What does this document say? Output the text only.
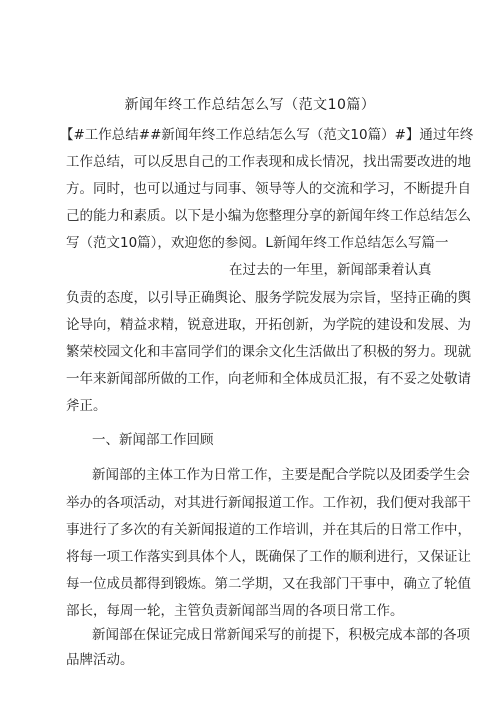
新闻年终工作总结怎么写（范文10篇）
【#工作总结##新闻年终工作总结怎么写（范文10篇）#】通过年终
工作总结，可以反思自己的工作表现和成长情况，找出需要改进的地
方。同时，也可以通过与同事、领导等人的交流和学习，不断提升自
己的能力和素质。以下是小编为您整理分享的新闻年终工作总结怎么
写（范文10篇），欢迎您的参阅。L新闻年终工作总结怎么写篇一
在过去的一年里，新闻部秉着认真
负责的态度，以引导正确舆论、服务学院发展为宗旨，坚持正确的舆
论导向，精益求精，锐意进取，开拓创新，为学院的建设和发展、为
繁荣校园文化和丰富同学们的课余文化生活做出了积极的努力。现就
一年来新闻部所做的工作，向老师和全体成员汇报，有不妥之处敬请
斧正。
一、新闻部工作回顾
新闻部的主体工作为日常工作，主要是配合学院以及团委学生会
举办的各项活动，对其进行新闻报道工作。工作初，我们便对我部干
事进行了多次的有关新闻报道的工作培训，并在其后的日常工作中，
将每一项工作落实到具体个人，既确保了工作的顺利进行，又保证让
每一位成员都得到锻炼。第二学期，又在我部门干事中，确立了轮值
部长，每周一轮，主管负责新闻部当周的各项日常工作。
新闻部在保证完成日常新闻采写的前提下，积极完成本部的各项
品牌活动。
